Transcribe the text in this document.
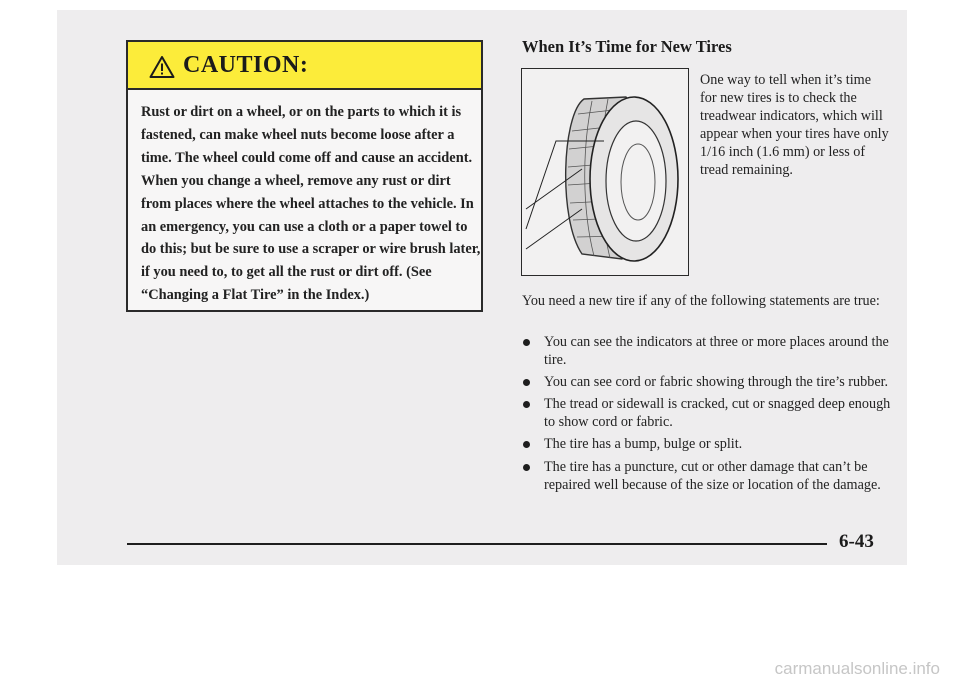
CAUTION:
Rust or dirt on a wheel, or on the parts to which it is fastened, can make wheel nuts become loose after a time. The wheel could come off and cause an accident. When you change a wheel, remove any rust or dirt from places where the wheel attaches to the vehicle. In an emergency, you can use a cloth or a paper towel to do this; but be sure to use a scraper or wire brush later, if you need to, to get all the rust or dirt off. (See “Changing a Flat Tire” in the Index.)
When It’s Time for New Tires
One way to tell when it’s time for new tires is to check the treadwear indicators, which will appear when your tires have only 1/16 inch (1.6 mm) or less of tread remaining.
You need a new tire if any of the following statements are true:
You can see the indicators at three or more places around the tire.
You can see cord or fabric showing through the tire’s rubber.
The tread or sidewall is cracked, cut or snagged deep enough to show cord or fabric.
The tire has a bump, bulge or split.
The tire has a puncture, cut or other damage that can’t be repaired well because of the size or location of the damage.
6-43
carmanualsonline.info
